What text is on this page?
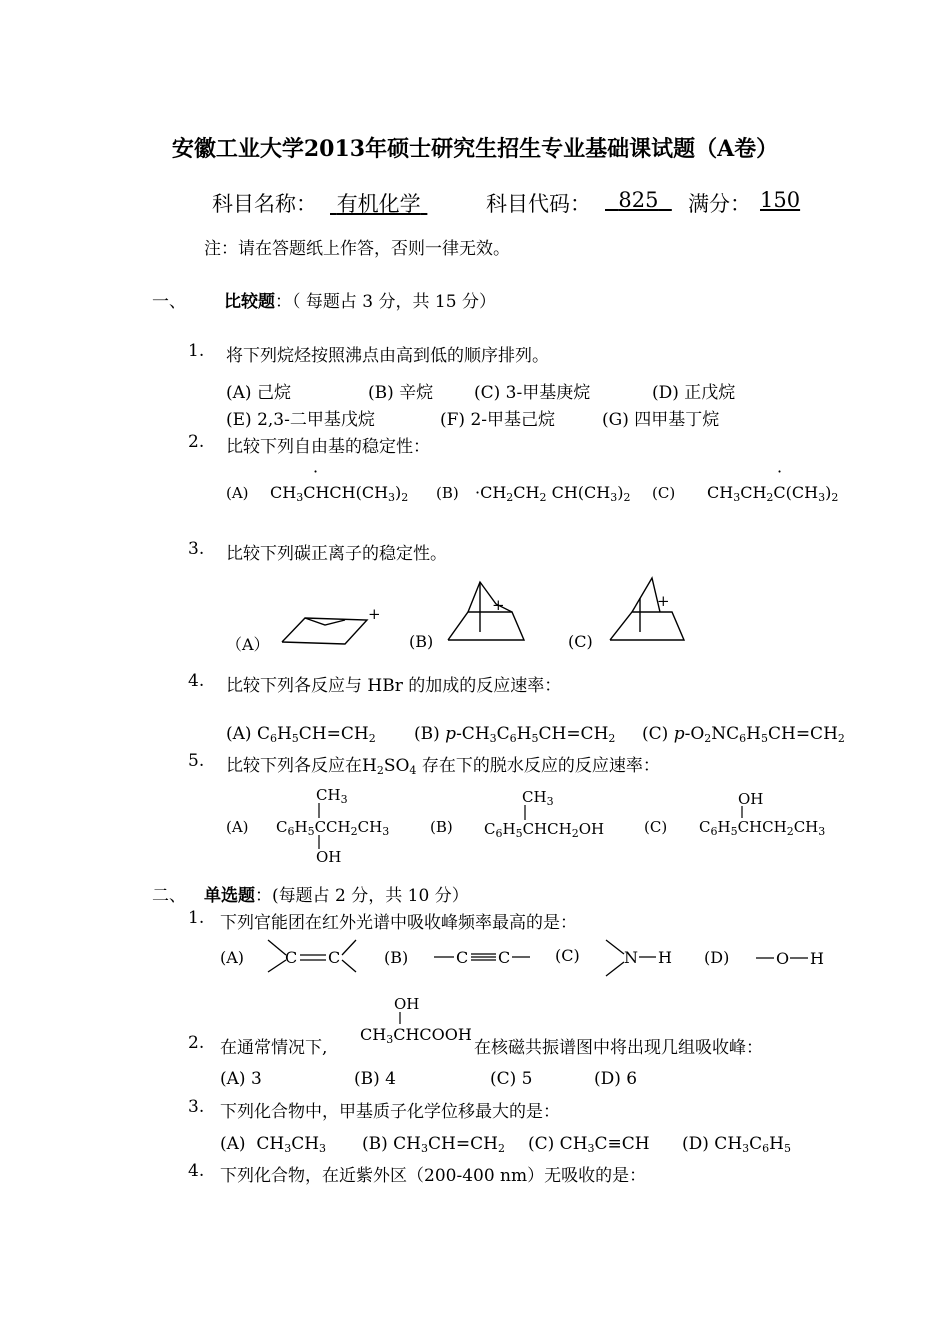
安徽工业大学2013年硕士研究生招生专业基础课试题（A卷）
科目名称： 有机化学	科目代码：	825	满分： 150
注：请在答题纸上作答，否则一律无效。
一、 比较题：（ 每题占 3 分，共 15 分）
1. 将下列烷烃按照沸点由高到低的顺序排列。
(A) 己烷	(B) 辛烷 (C) 3-甲基庚烷	(D) 正戊烷
(E) 2,3-二甲基戊烷	(F) 2-甲基己烷	(G) 四甲基丁烷
2. 比较下列自由基的稳定性：
(A) $CH_3CHCH(CH_3)_2$
·
$(B) \cdot CH_2CH_2$ $CH(CH_3)_2$ (C) $CH_3CH_2C(CH_3)_2$
·
3. 比较下列碳正离子的稳定性。
（A）	(B)	(C)
+	+	+
4. 比较下列各反应与 HBr 的加成的反应速率：
(A) $C_6H_5CH=CH_2$ (B) $p-CH_3C_6H_5CH=CH_2$ (C) $p-O_2NC_6H_5CH=CH_2$
5. 比较下列各反应在$H_2SO_4$ 存在下的脱水反应的反应速率：
(A)
$CH_3$
$C_6H_5CCH_2CH_3$
OH
(B)
$CH_3$
$C_6H_5CHCH_2OH$	(C)
OH
$C_6H_5CHCH_2CH_3$
二、 单选题：(每题占 2 分，共 10 分）
1. 下列官能团在红外光谱中吸收峰频率最高的是：
(A)	(B)	(C)	(D)
C C	C C	N H	O H
OH
2. 在通常情况下,
$CH_3CHCOOH$
在核磁共振谱图中将出现几组吸收峰：
(A) 3	(B) 4	(C) 5	(D) 6
3. 下列化合物中，甲基质子化学位移最大的是：
(A)  $CH_3CH_3$ (B) $CH_3CH=CH_2$ (C) $CH_3C\equiv CH$ (D) $CH_3C_6H_5$
4. 下列化合物，在近紫外区（200-400 nm）无吸收的是：
